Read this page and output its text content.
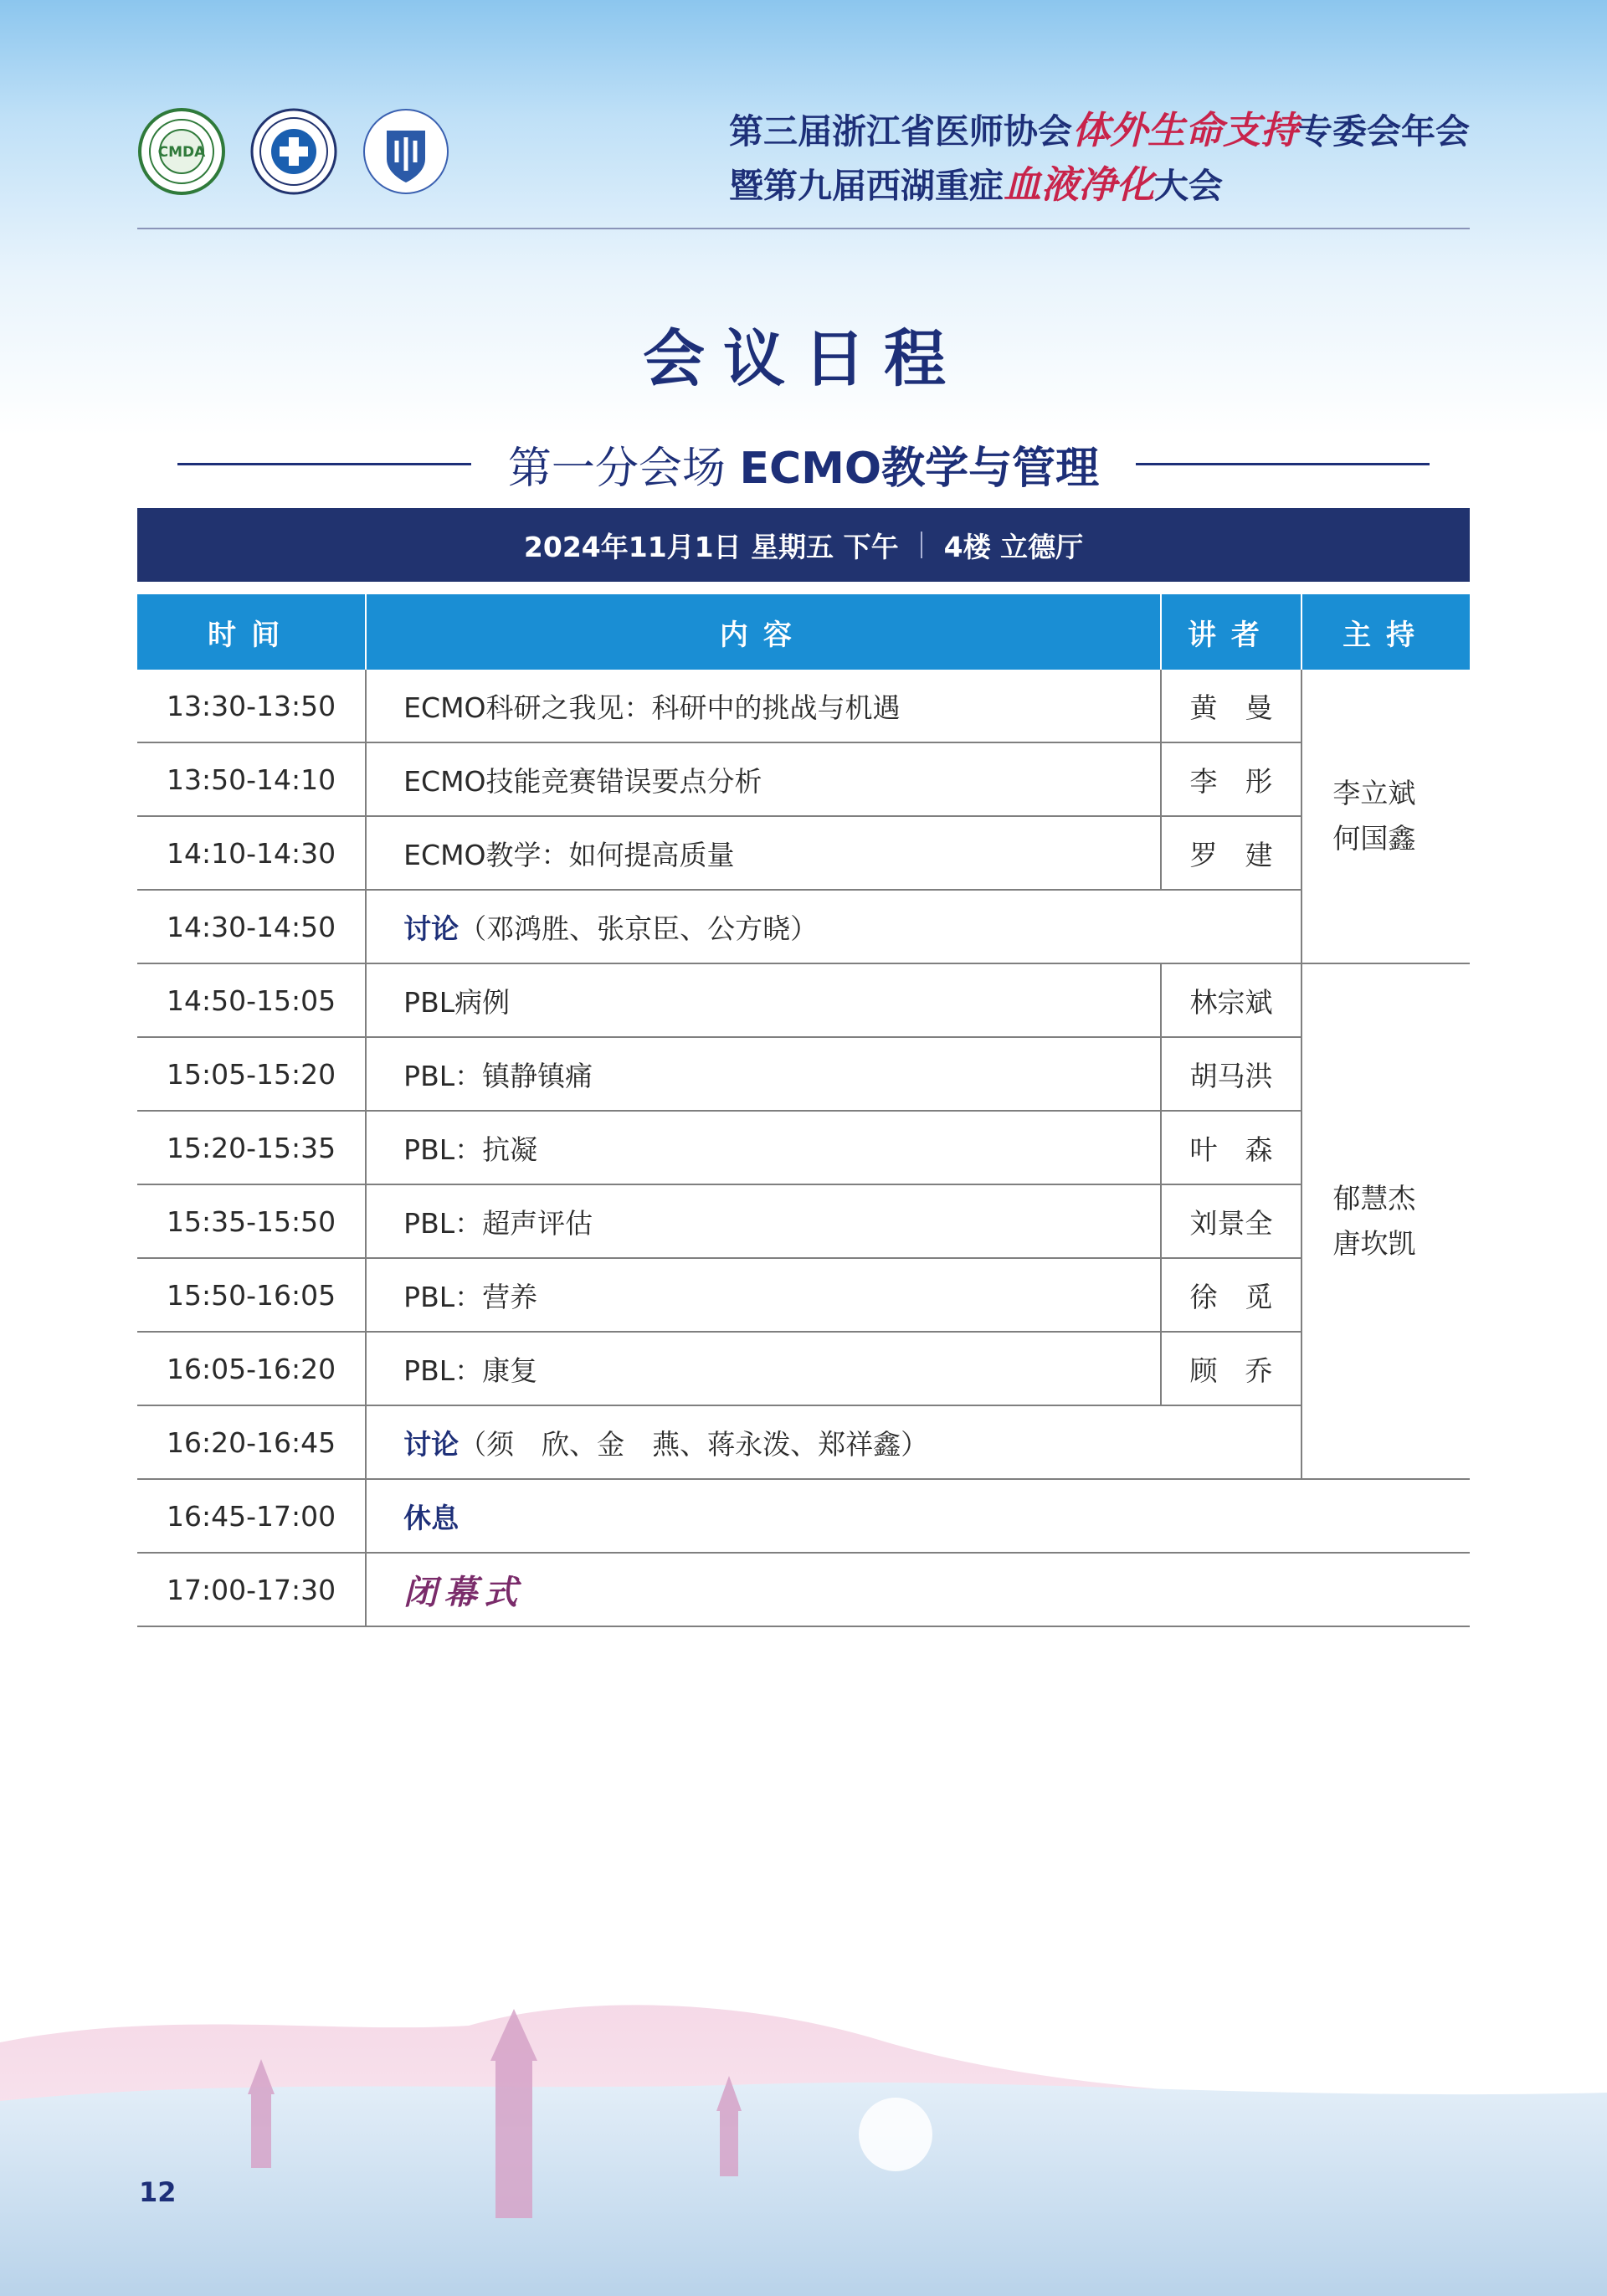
CMDA
第三届浙江省医师协会体外生命支持专委会年会
暨第九届西湖重症血液净化大会
会议日程
第一分会场 ECMO教学与管理
2024年11月1日 星期五 下午 4楼 立德厅
时间	内容	讲者	主持
13:30-13:50	ECMO科研之我见：科研中的挑战与机遇	黄　曼	李立斌
何国鑫

13:50-14:10	ECMO技能竞赛错误要点分析	李　彤	
14:10-14:30	ECMO教学：如何提高质量	罗　建	
14:30-14:50	讨论（邓鸿胜、张京臣、公方晓）		
14:50-15:05	PBL病例	林宗斌	郁慧杰
唐坎凯

15:05-15:20	PBL：镇静镇痛	胡马洪	
15:20-15:35	PBL：抗凝	叶　森	
15:35-15:50	PBL：超声评估	刘景全	
15:50-16:05	PBL：营养	徐　觅	
16:05-16:20	PBL：康复	顾　乔	
16:20-16:45	讨论（须　欣、金　燕、蒋永泼、郑祥鑫）		
16:45-17:00	休息		
17:00-17:30	闭幕式		
12
